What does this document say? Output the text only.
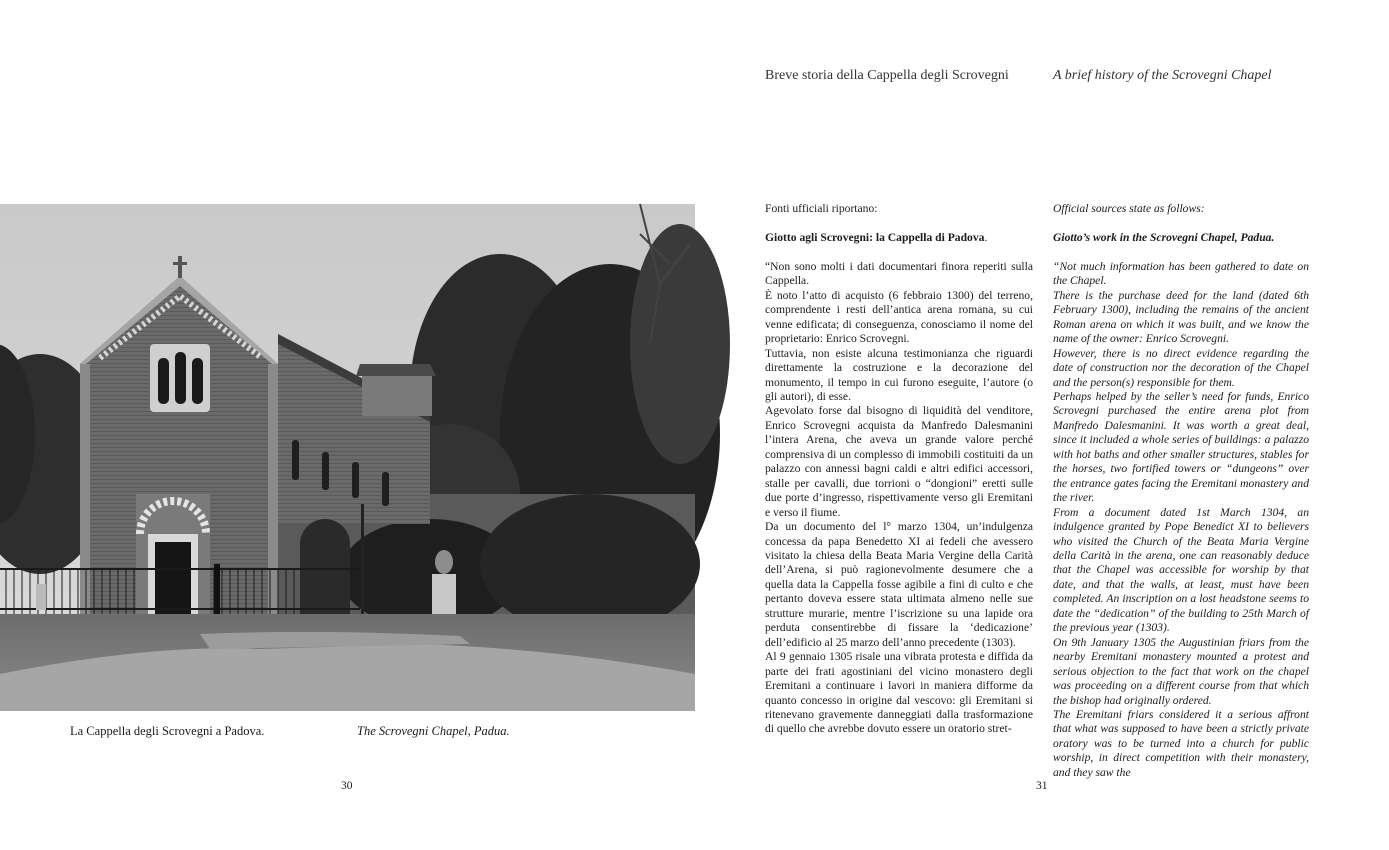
La Cappella degli Scrovegni a Padova.	The Scrovegni Chapel, Padua.
30
Breve storia della Cappella degli Scrovegni	A brief history of the Scrovegni Chapel

Fonti ufficiali riportano:

Giotto agli Scrovegni: la Cappella di Padova.

“Non sono molti i dati documentari finora reperiti sulla Cappella.

È noto l’atto di acquisto (6 febbraio 1300) del terreno, comprendente i resti dell’antica arena romana, su cui venne edificata; di conseguenza, conosciamo il nome del proprietario: Enrico Scrovegni.

Tuttavia, non esiste alcuna testimonianza che riguardi direttamente la costruzione e la decorazione del monumento, il tempo in cui furono eseguite, l’autore (o gli autori), di esse.

Agevolato forse dal bisogno di liquidità del venditore, Enrico Scrovegni acquista da Manfredo Dalesmanini l’intera Arena, che aveva un grande valore perché comprensiva di un complesso di immobili costituiti da un palazzo con annessi bagni caldi e altri edifici accessori, stalle per cavalli, due torrioni o “dongioni” eretti sulle due porte d’ingresso, rispettivamente verso gli Eremitani e verso il fiume.

Da un documento del l° marzo 1304, un’indulgenza concessa da papa Benedetto XI ai fedeli che avessero visitato la chiesa della Beata Maria Vergine della Carità dell’Arena, si può ragionevolmente desumere che a quella data la Cappella fosse agibile a fini di culto e che pertanto doveva essere stata ultimata almeno nelle sue strutture murarie, mentre l’iscrizione su una lapide ora perduta consentirebbe di fissare la ‘dedicazione’ dell’edificio al 25 marzo dell’anno precedente (1303).

Al 9 gennaio 1305 risale una vibrata protesta e diffida da parte dei frati agostiniani del vicino monastero degli Eremitani a continuare i lavori in maniera difforme da quanto concesso in origine dal vescovo: gli Eremitani si ritenevano gravemente danneggiati dalla trasformazione di quello che avrebbe dovuto essere un oratorio stret-

Official sources state as follows:

Giotto’s work in the Scrovegni Chapel, Padua.

“Not much information has been gathered to date on the Chapel.

There is the purchase deed for the land (dated 6th February 1300), including the remains of the ancient Roman arena on which it was built, and we know the name of the owner: Enrico Scrovegni.

However, there is no direct evidence regarding the date of construction nor the decoration of the Chapel and the person(s) responsible for them.

Perhaps helped by the seller’s need for funds, Enrico Scrovegni purchased the entire arena plot from Manfredo Dalesmanini. It was worth a great deal, since it included a whole series of buildings: a palazzo with hot baths and other smaller structures, stables for the horses, two fortified towers or “dungeons” over the entrance gates facing the Eremitani monastery and the river.

From a document dated 1st March 1304, an indulgence granted by Pope Benedict XI to believers who visited the Church of the Beata Maria Vergine della Carità in the arena, one can reasonably deduce that the Chapel was accessible for worship by that date, and that the walls, at least, must have been completed. An inscription on a lost headstone seems to date the “dedication” of the building to 25th March of the previous year (1303).

On 9th January 1305 the Augustinian friars from the nearby Eremitani monastery mounted a protest and serious objection to the fact that work on the chapel was proceeding on a different course from that which the bishop had originally ordered.

The Eremitani friars considered it a serious affront that what was supposed to have been a strictly private oratory was to be turned into a church for public worship, in direct competition with their monastery, and they saw the

31
